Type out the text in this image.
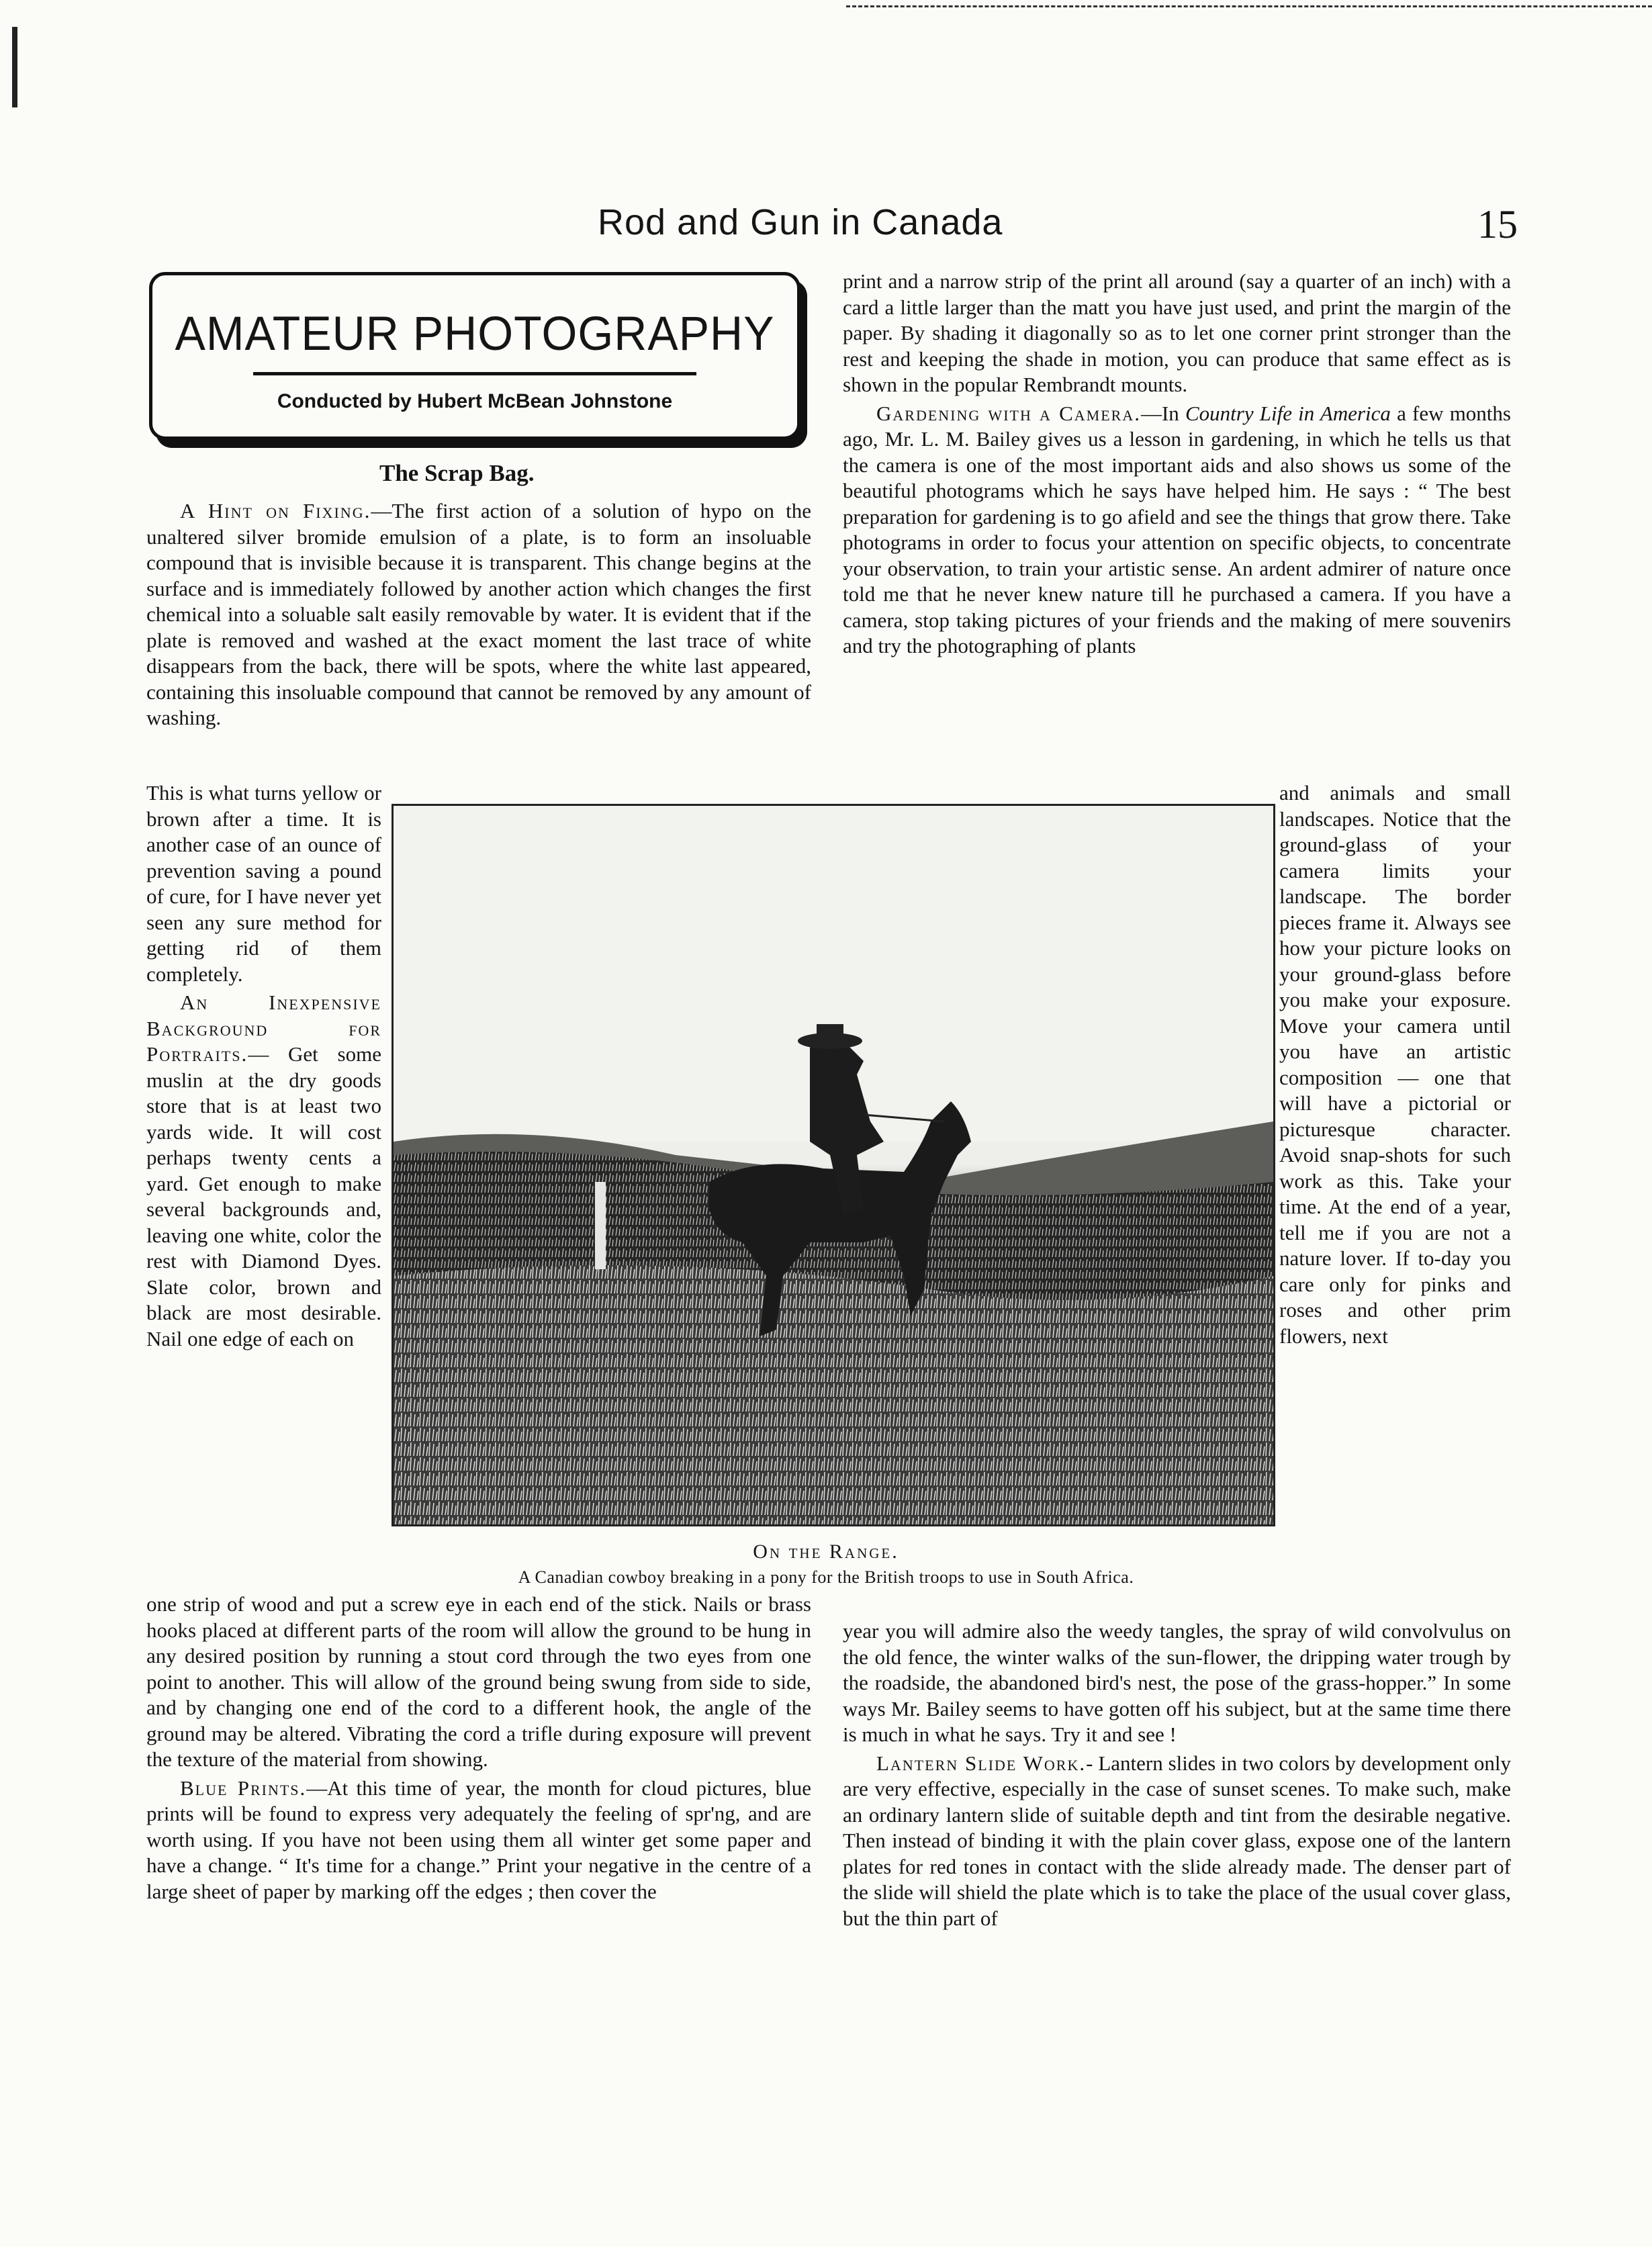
Rod and Gun in Canada	15
AMATEUR PHOTOGRAPHY
Conducted by Hubert McBean Johnstone
The Scrap Bag.

A Hint on Fixing.—The first action of a solution of hypo on the unaltered silver bromide emulsion of a plate, is to form an insoluable compound that is invisible because it is transparent. This change begins at the surface and is immediately followed by another action which changes the first chemical into a soluable salt easily removable by water. It is evident that if the plate is removed and washed at the exact moment the last trace of white disappears from the back, there will be spots, where the white last appeared, containing this insoluable compound that cannot be removed by any amount of washing.

This is what turns yellow or brown after a time. It is another case of an ounce of prevention saving a pound of cure, for I have never yet seen any sure method for getting rid of them completely.

An Inexpensive Background for Portraits.— Get some muslin at the dry goods store that is at least two yards wide. It will cost perhaps twenty cents a yard. Get enough to make several backgrounds and, leaving one white, color the rest with Diamond Dyes. Slate color, brown and black are most desirable. Nail one edge of each on

one strip of wood and put a screw eye in each end of the stick. Nails or brass hooks placed at different parts of the room will allow the ground to be hung in any desired position by running a stout cord through the two eyes from one point to another. This will allow of the ground being swung from side to side, and by changing one end of the cord to a different hook, the angle of the ground may be altered. Vibrating the cord a trifle during exposure will prevent the texture of the material from showing.

Blue Prints.—At this time of year, the month for cloud pictures, blue prints will be found to express very adequately the feeling of spr'ng, and are worth using. If you have not been using them all winter get some paper and have a change. “ It's time for a change.” Print your negative in the centre of a large sheet of paper by marking off the edges ; then cover the

print and a narrow strip of the print all around (say a quarter of an inch) with a card a little larger than the matt you have just used, and print the margin of the paper. By shading it diagonally so as to let one corner print stronger than the rest and keeping the shade in motion, you can produce that same effect as is shown in the popular Rembrandt mounts.

Gardening with a Camera.—In Country Life in America a few months ago, Mr. L. M. Bailey gives us a lesson in gardening, in which he tells us that the camera is one of the most important aids and also shows us some of the beautiful photograms which he says have helped him. He says : “ The best preparation for gardening is to go afield and see the things that grow there. Take photograms in order to focus your attention on specific objects, to concentrate your observation, to train your artistic sense. An ardent admirer of nature once told me that he never knew nature till he purchased a camera. If you have a camera, stop taking pictures of your friends and the making of mere souvenirs and try the photographing of plants

and animals and small landscapes. Notice that the ground-glass of your camera limits your landscape. The border pieces frame it. Always see how your picture looks on your ground-glass before you make your exposure. Move your camera until you have an artistic composition — one that will have a pictorial or picturesque character. Avoid snap-shots for such work as this. Take your time. At the end of a year, tell me if you are not a nature lover. If to-day you care only for pinks and roses and other prim flowers, next

year you will admire also the weedy tangles, the spray of wild convolvulus on the old fence, the winter walks of the sun-flower, the dripping water trough by the roadside, the abandoned bird's nest, the pose of the grass-hopper.” In some ways Mr. Bailey seems to have gotten off his subject, but at the same time there is much in what he says. Try it and see !

Lantern Slide Work.- Lantern slides in two colors by development only are very effective, especially in the case of sunset scenes. To make such, make an ordinary lantern slide of suitable depth and tint from the desirable negative. Then instead of binding it with the plain cover glass, expose one of the lantern plates for red tones in contact with the slide already made. The denser part of the slide will shield the plate which is to take the place of the usual cover glass, but the thin part of

On the Range.
A Canadian cowboy breaking in a pony for the British troops to use in South Africa.
